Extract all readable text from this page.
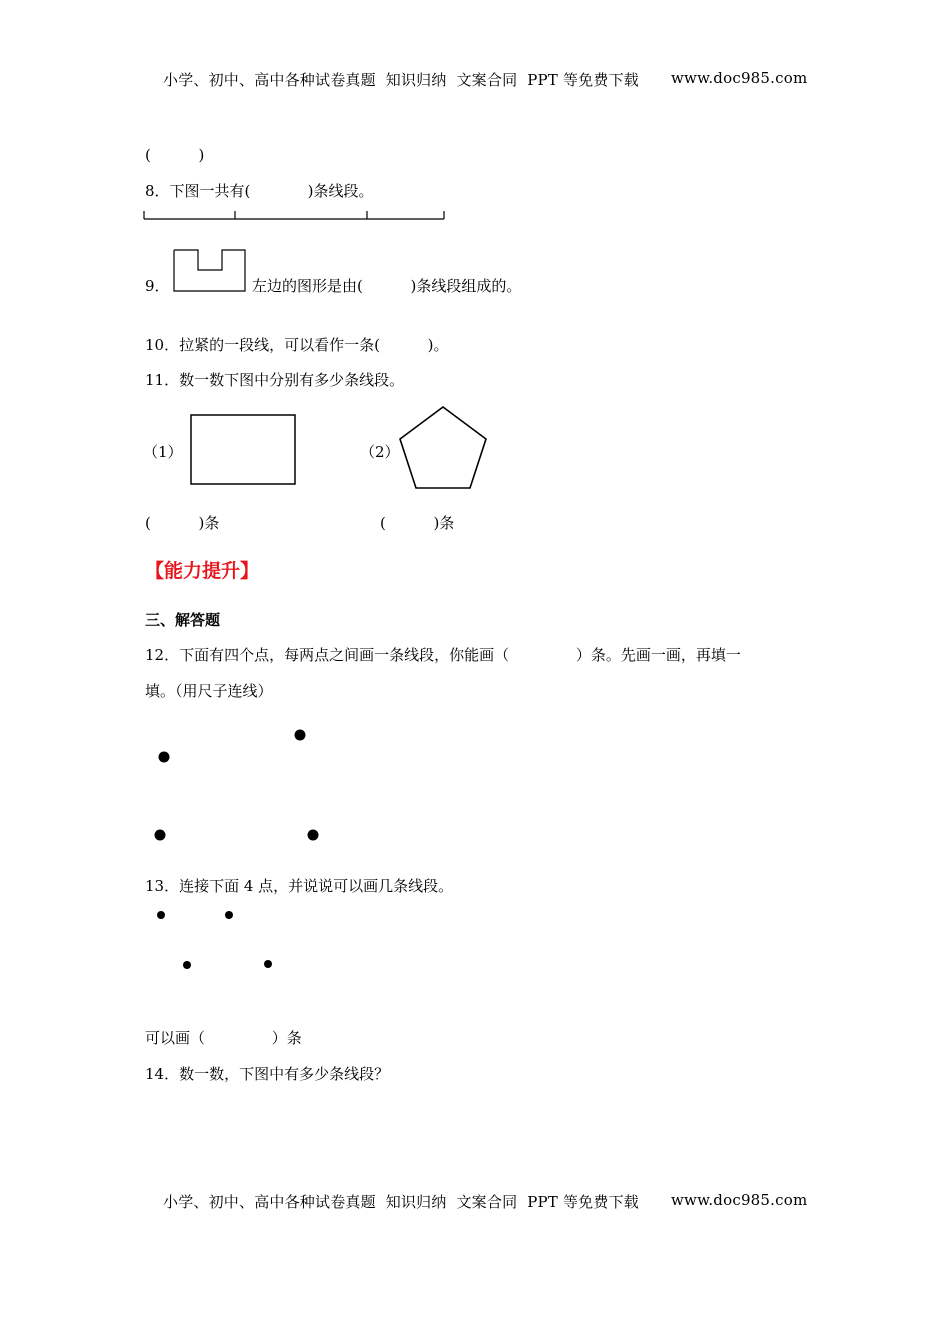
小学、初中、高中各种试卷真题  知识归纳  文案合同  PPT 等免费下载 www.doc985.com
(          )
8．下图一共有(            )条线段。
9．	左边的图形是由(          )条线段组成的。
10．拉紧的一段线，可以看作一条(          )。
11．数一数下图中分别有多少条线段。
（1）	（2）
(          )条	(          )条
【能力提升】
三、解答题
12．下面有四个点，每两点之间画一条线段，你能画（              ）条。先画一画，再填一
填。（用尺子连线）
13．连接下面 4 点，并说说可以画几条线段。
可以画（              ）条
14．数一数，下图中有多少条线段？
小学、初中、高中各种试卷真题  知识归纳  文案合同  PPT 等免费下载 www.doc985.com
